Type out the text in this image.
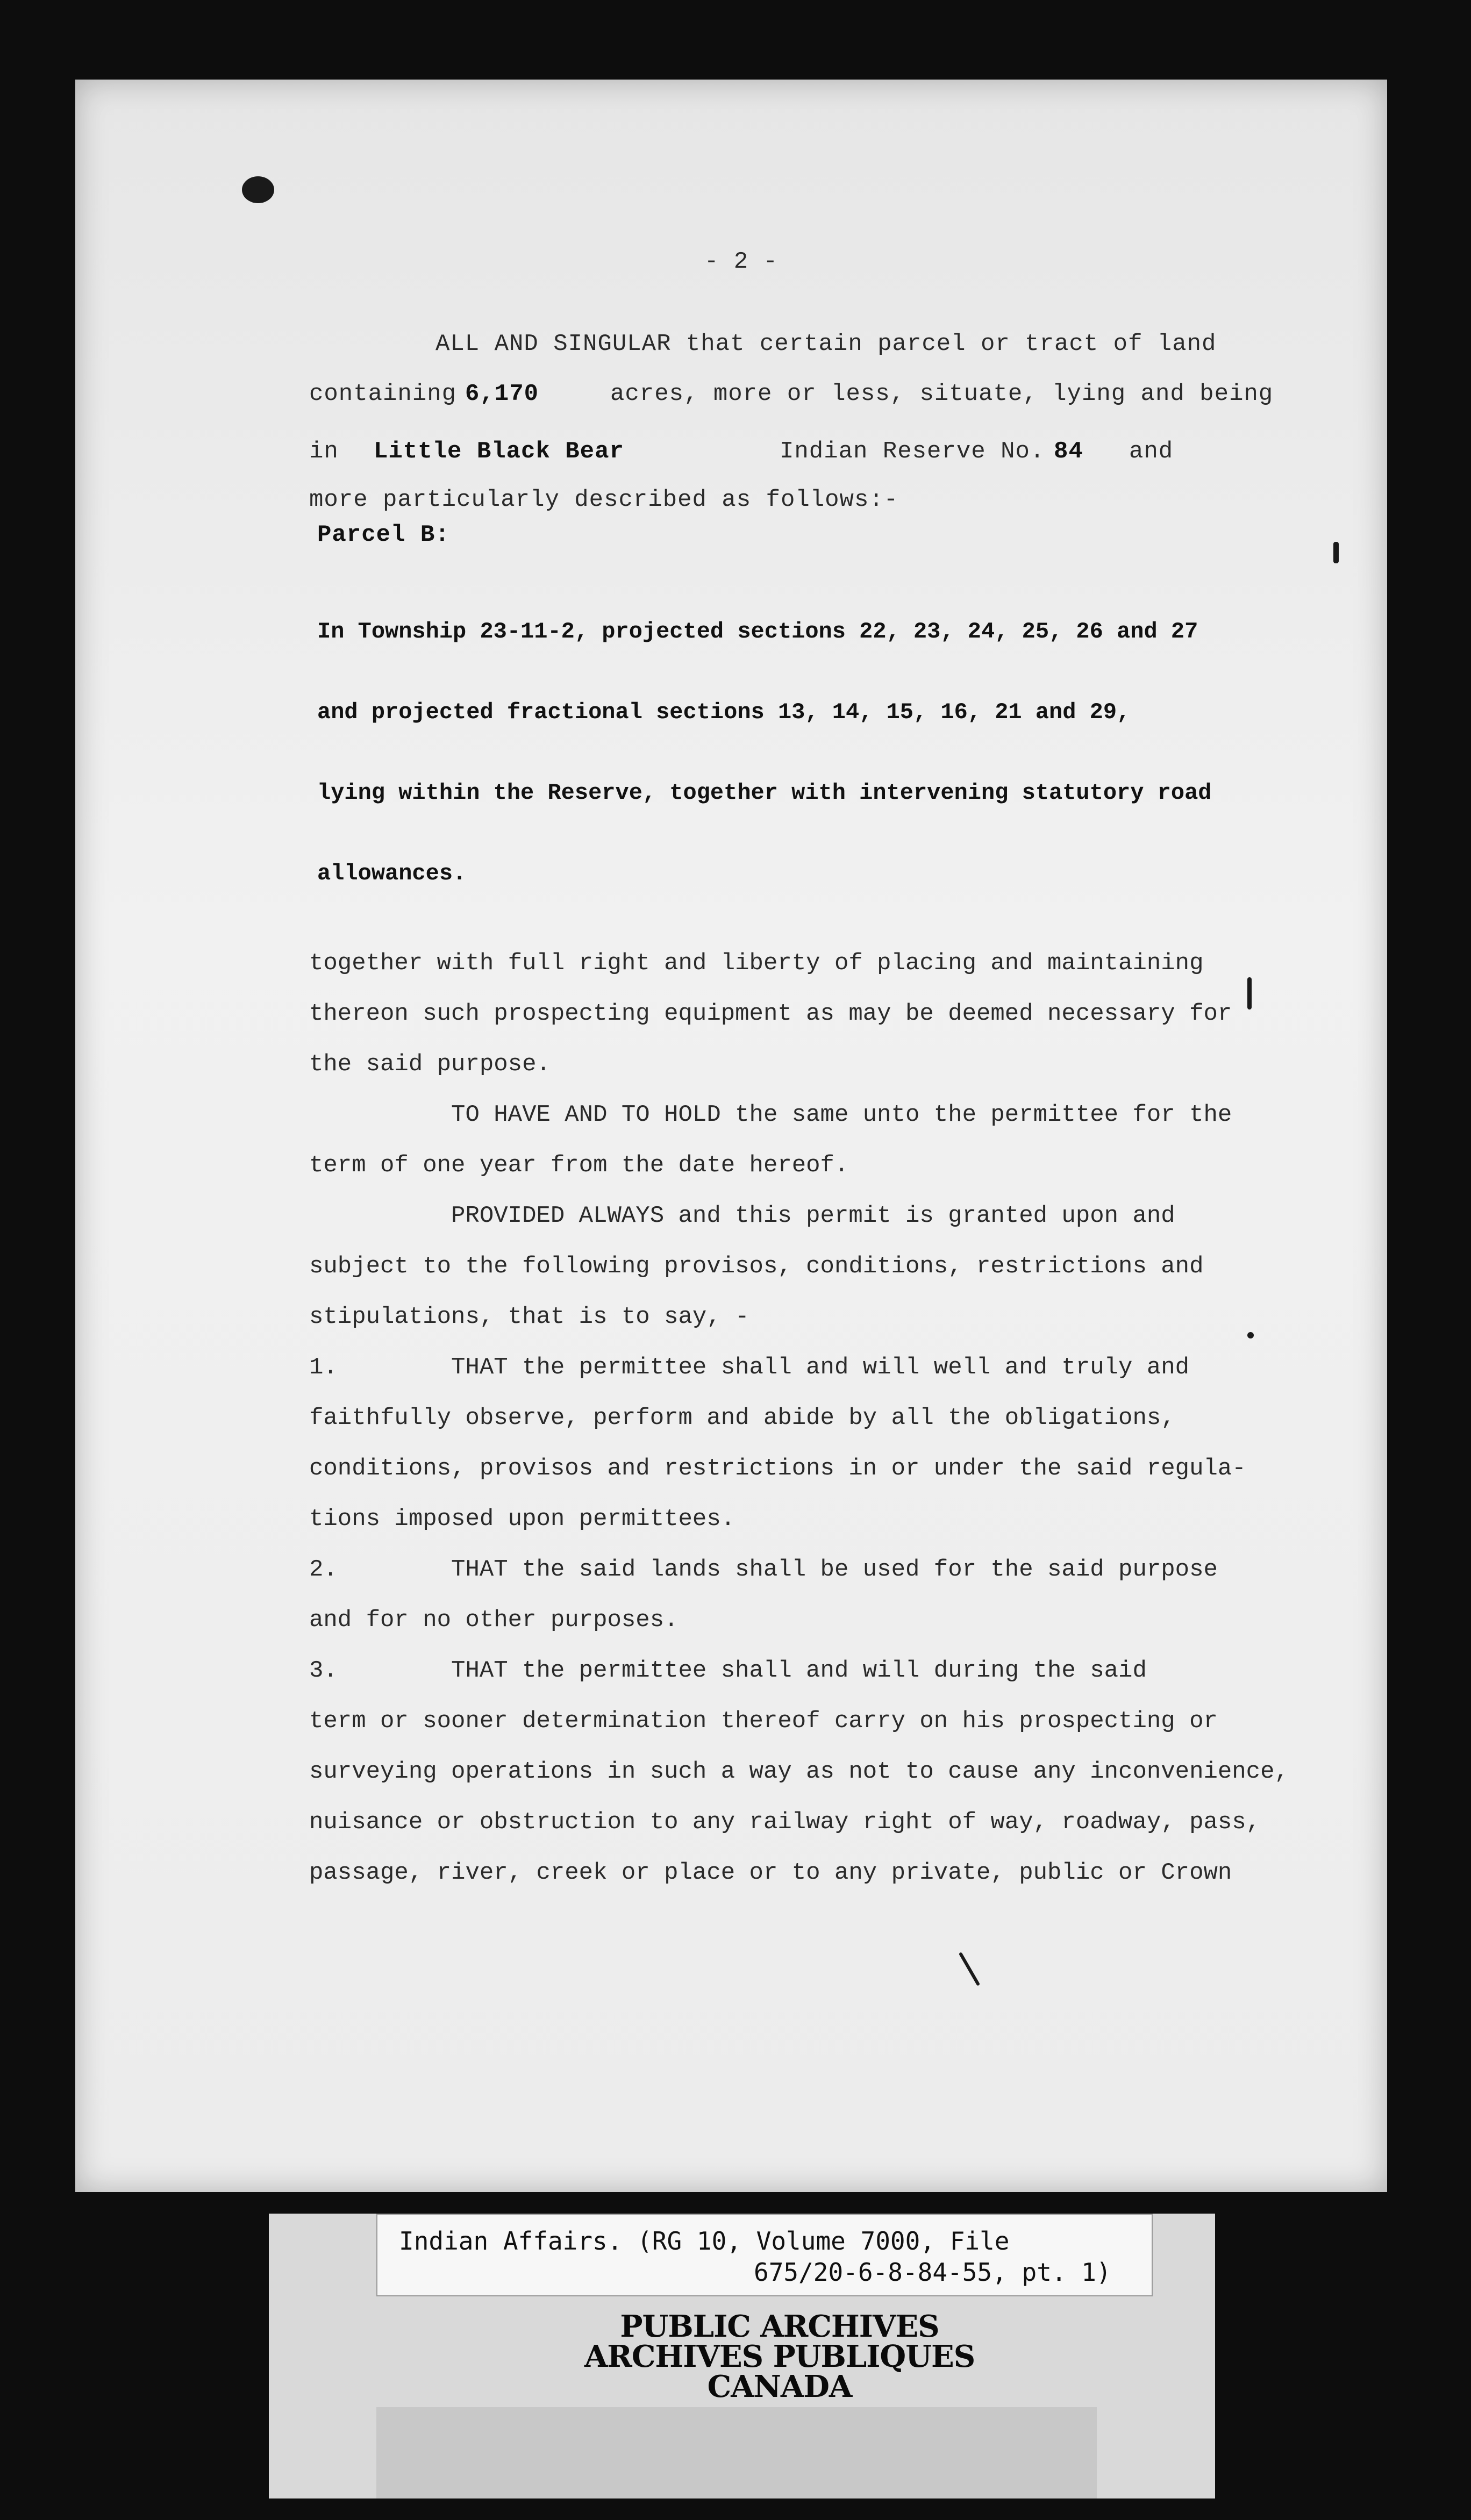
- 2 -
ALL AND SINGULAR that certain parcel or tract of land
containing 6,170	acres, more or less, situate, lying and being
in Little Black Bear	Indian Reserve No. 84 and
more particularly described as follows:-
Parcel B:

In Township 23-11-2, projected sections 22, 23, 24, 25, 26 and 27

and projected fractional sections 13, 14, 15, 16, 21 and 29,

lying within the Reserve, together with intervening statutory road

allowances.

together with full right and liberty of placing and maintaining
thereon such prospecting equipment as may be deemed necessary for
the said purpose.
TO HAVE AND TO HOLD the same unto the permittee for the
term of one year from the date hereof.
PROVIDED ALWAYS and this permit is granted upon and
subject to the following provisos, conditions, restrictions and
stipulations, that is to say, -
1.        THAT the permittee shall and will well and truly and
faithfully observe, perform and abide by all the obligations,
conditions, provisos and restrictions in or under the said regula-
tions imposed upon permittees.
2.        THAT the said lands shall be used for the said purpose
and for no other purposes.
3.        THAT the permittee shall and will during the said
term or sooner determination thereof carry on his prospecting or
surveying operations in such a way as not to cause any inconvenience,
nuisance or obstruction to any railway right of way, roadway, pass,
passage, river, creek or place or to any private, public or Crown
Indian Affairs. (RG 10, Volume 7000, File
675/20-6-8-84-55, pt. 1)
PUBLIC ARCHIVES
ARCHIVES PUBLIQUES
CANADA
